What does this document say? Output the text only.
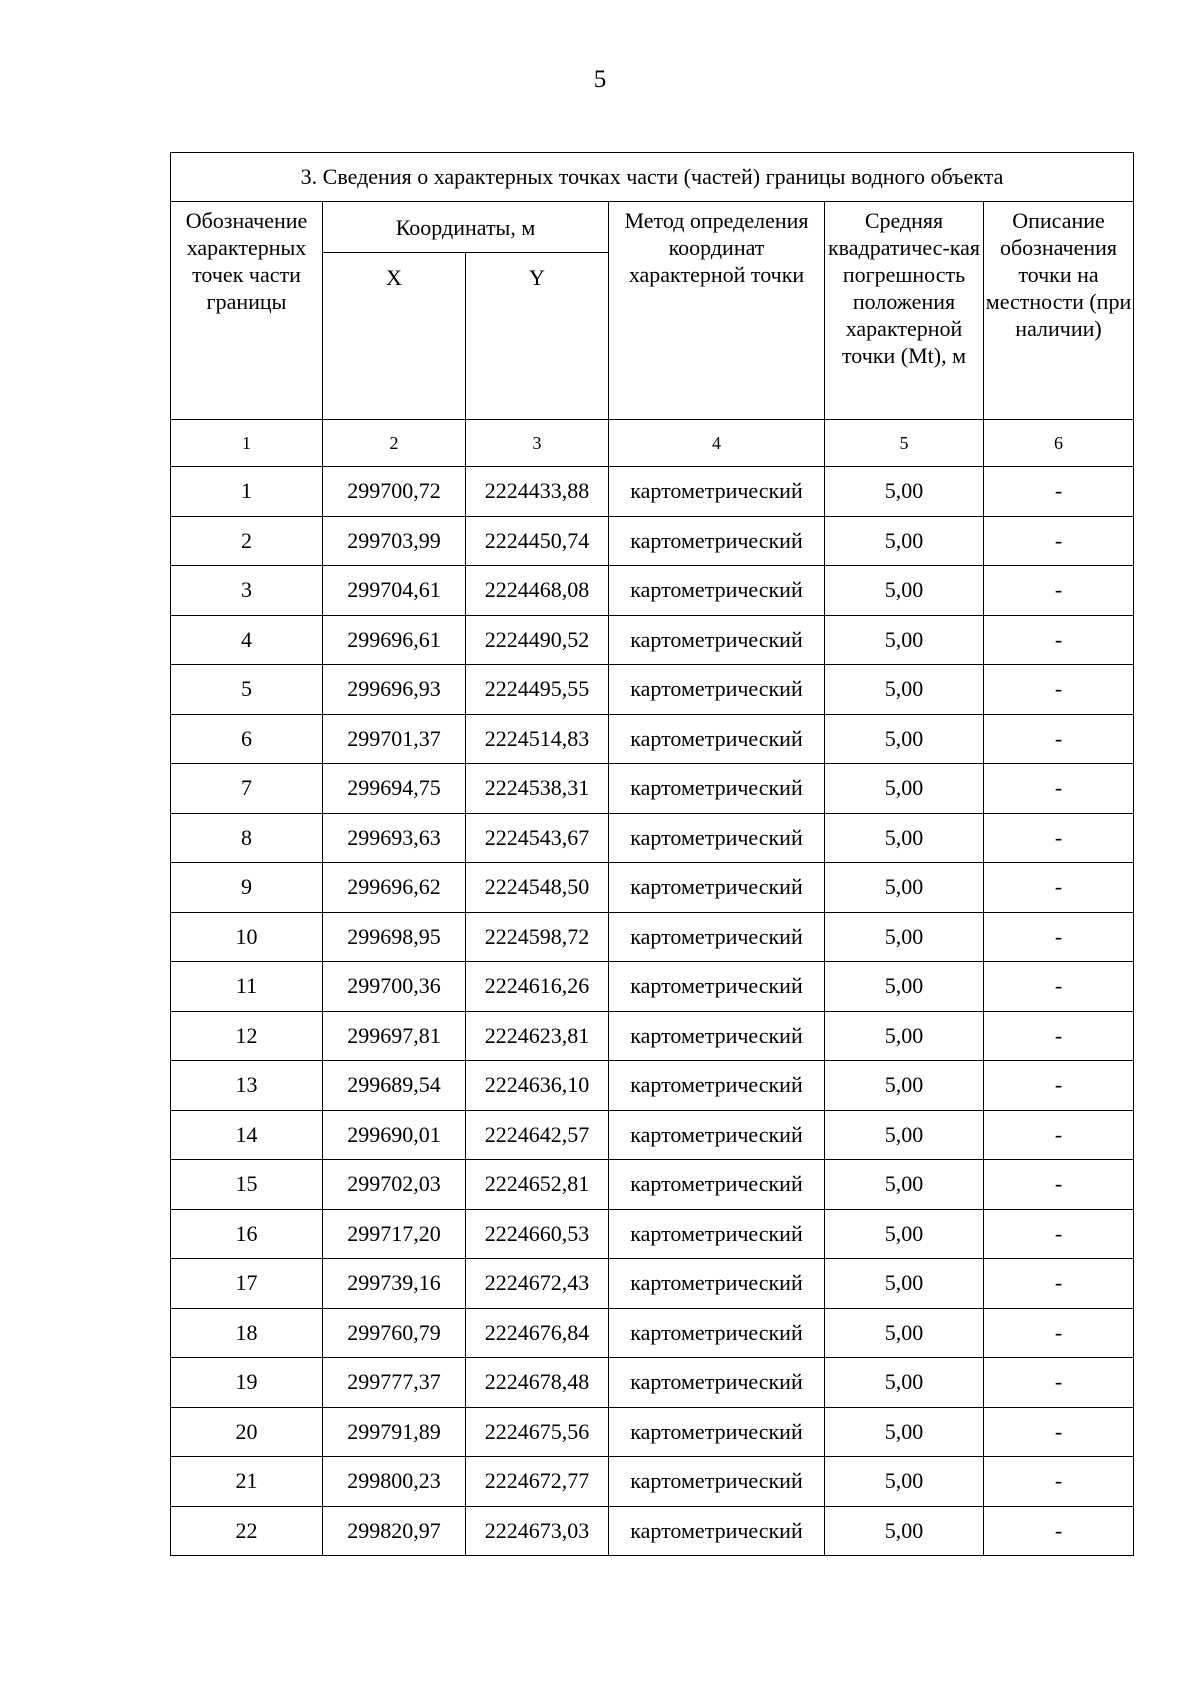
5
3. Сведения о характерных точках части (частей) границы водного объекта					
Обозначение характерных точек части границы	Координаты, м		Метод определения координат характерной точки	Средняя квадратичес-кая погрешность положения характерной точки (Mt), м	Описание обозначения точки на местности (при наличии)
	X	Y			
1	2	3	4	5	6
1	299700,72	2224433,88	картометрический	5,00	-
2	299703,99	2224450,74	картометрический	5,00	-
3	299704,61	2224468,08	картометрический	5,00	-
4	299696,61	2224490,52	картометрический	5,00	-
5	299696,93	2224495,55	картометрический	5,00	-
6	299701,37	2224514,83	картометрический	5,00	-
7	299694,75	2224538,31	картометрический	5,00	-
8	299693,63	2224543,67	картометрический	5,00	-
9	299696,62	2224548,50	картометрический	5,00	-
10	299698,95	2224598,72	картометрический	5,00	-
11	299700,36	2224616,26	картометрический	5,00	-
12	299697,81	2224623,81	картометрический	5,00	-
13	299689,54	2224636,10	картометрический	5,00	-
14	299690,01	2224642,57	картометрический	5,00	-
15	299702,03	2224652,81	картометрический	5,00	-
16	299717,20	2224660,53	картометрический	5,00	-
17	299739,16	2224672,43	картометрический	5,00	-
18	299760,79	2224676,84	картометрический	5,00	-
19	299777,37	2224678,48	картометрический	5,00	-
20	299791,89	2224675,56	картометрический	5,00	-
21	299800,23	2224672,77	картометрический	5,00	-
22	299820,97	2224673,03	картометрический	5,00	-
